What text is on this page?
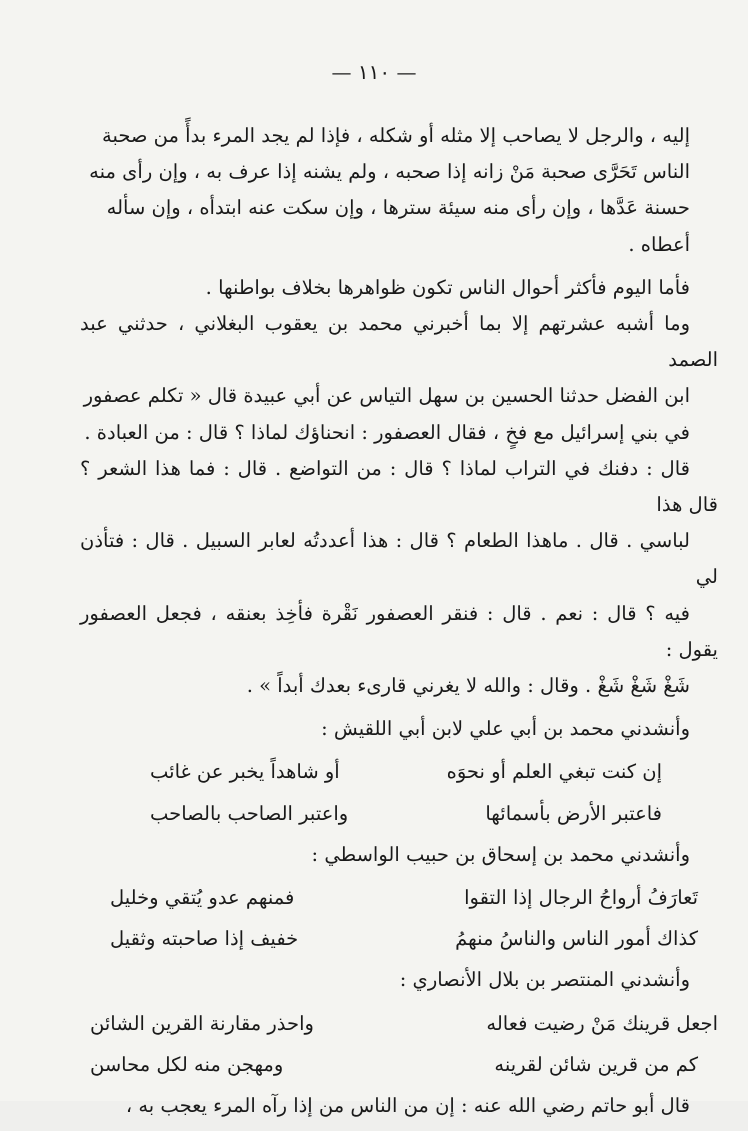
— ١١٠ —

إليه ، والرجل لا يصاحب إلا مثله أو شكله ، فإذا لم يجد المرء بدأً من صحبة
الناس تَحَرَّى صحبة مَنْ زانه إذا صحبه ، ولم يشنه إذا عرف به ، وإن رأى منه
حسنة عَدَّها ، وإن رأى منه سيئة سترها ، وإن سكت عنه ابتدأه ، وإن سأله
أعطاه .

فأما اليوم فأكثر أحوال الناس تكون ظواهرها بخلاف بواطنها .
وما أشبه عشرتهم إلا بما أخبرني محمد بن يعقوب البغلاني ، حدثني عبد الصمد
ابن الفضل حدثنا الحسين بن سهل التياس عن أبي عبيدة قال « تكلم عصفور
في بني إسرائيل مع فخٍ ، فقال العصفور : انحناؤك لماذا ؟ قال : من العبادة .
قال : دفنك في التراب لماذا ؟ قال : من التواضع . قال : فما هذا الشعر ؟ قال هذا
لباسي . قال . ماهذا الطعام ؟ قال : هذا أعددتُه لعابر السبيل . قال : فتأذن لي
فيه ؟ قال : نعم . قال : فنقر العصفور نَقْرة فأخِذ بعنقه ، فجعل العصفور يقول :
شَغْ شَغْ شَغْ . وقال : والله لا يغرني قارىء بعدك أبداً » .

وأنشدني محمد بن أبي علي لابن أبي اللقيش :

إن كنت تبغي العلم أو نحوَه
أو شاهداً يخبر عن غائب
فاعتبر الأرض بأسمائها
واعتبر الصاحب بالصاحب

وأنشدني محمد بن إسحاق بن حبيب الواسطي :

تَعارَفُ أرواحُ الرجال إذا التقوا
فمنهم عدو يُتقي وخليل
كذاك أمور الناس والناسُ منهمُ
خفيف إذا صاحبته وثقيل

وأنشدني المنتصر بن بلال الأنصاري :

اجعل قرينك مَنْ رضيت فعاله
واحذر مقارنة القرين الشائن
كم من قرين شائن لقرينه
ومهجن منه لكل محاسن

قال أبو حاتم رضي الله عنه : إن من الناس من إذا رآه المرء يعجب به ،
